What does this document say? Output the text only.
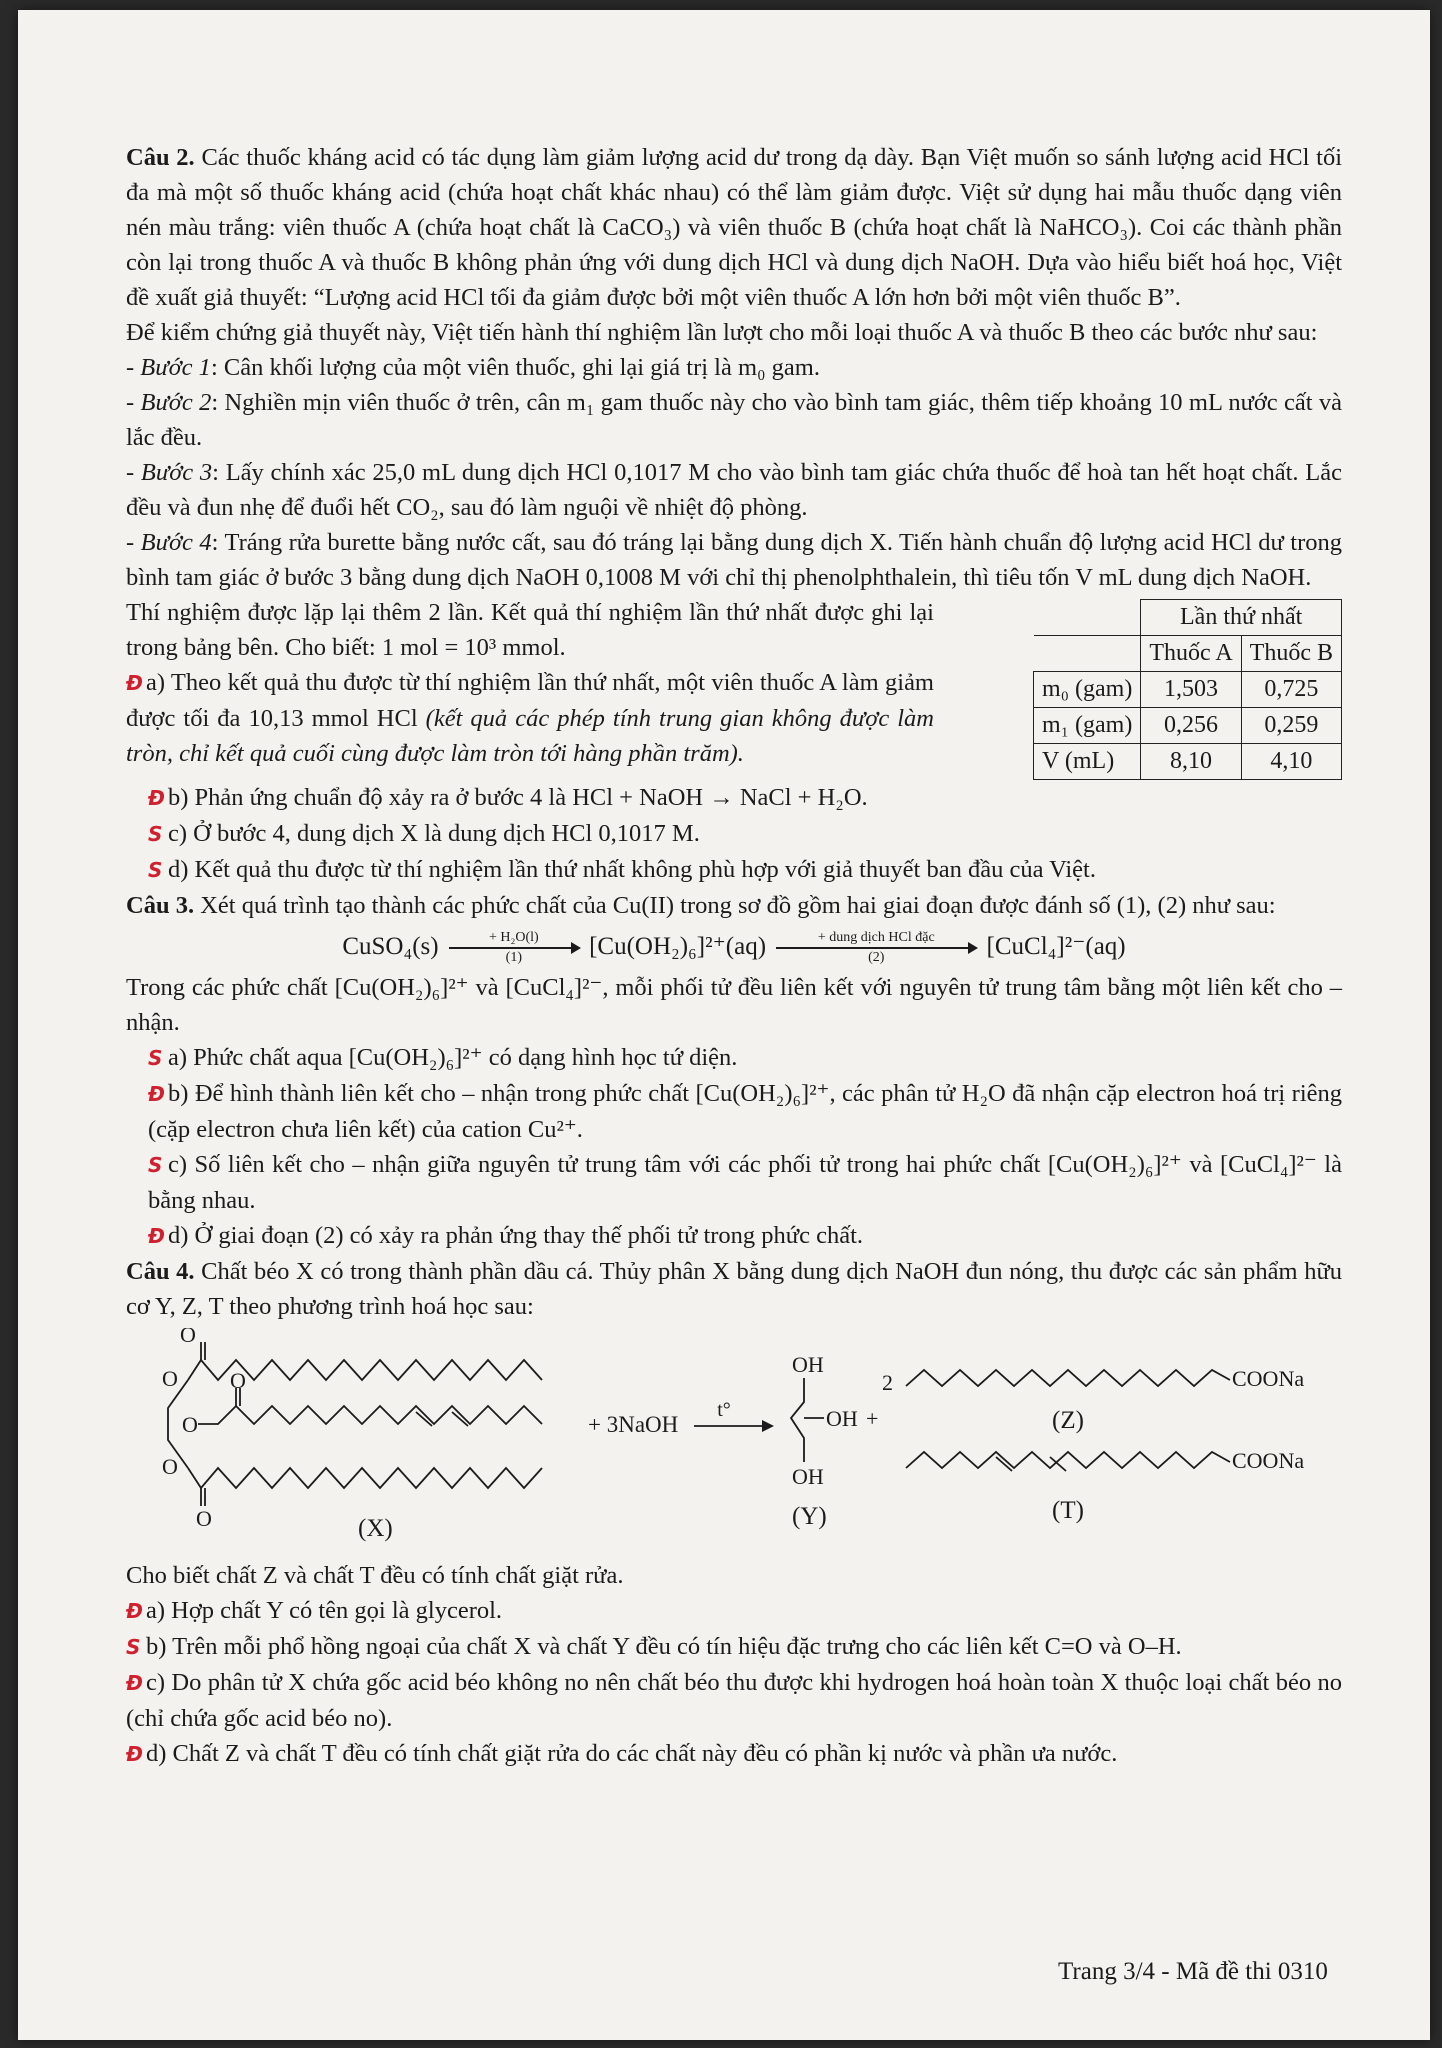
Câu 2. Các thuốc kháng acid có tác dụng làm giảm lượng acid dư trong dạ dày. Bạn Việt muốn so sánh lượng acid HCl tối đa mà một số thuốc kháng acid (chứa hoạt chất khác nhau) có thể làm giảm được. Việt sử dụng hai mẫu thuốc dạng viên nén màu trắng: viên thuốc A (chứa hoạt chất là CaCO₃) và viên thuốc B (chứa hoạt chất là NaHCO₃). Coi các thành phần còn lại trong thuốc A và thuốc B không phản ứng với dung dịch HCl và dung dịch NaOH. Dựa vào hiểu biết hoá học, Việt đề xuất giả thuyết: “Lượng acid HCl tối đa giảm được bởi một viên thuốc A lớn hơn bởi một viên thuốc B”.

Để kiểm chứng giả thuyết này, Việt tiến hành thí nghiệm lần lượt cho mỗi loại thuốc A và thuốc B theo các bước như sau:

- Bước 1: Cân khối lượng của một viên thuốc, ghi lại giá trị là m₀ gam.

- Bước 2: Nghiền mịn viên thuốc ở trên, cân m₁ gam thuốc này cho vào bình tam giác, thêm tiếp khoảng 10 mL nước cất và lắc đều.

- Bước 3: Lấy chính xác 25,0 mL dung dịch HCl 0,1017 M cho vào bình tam giác chứa thuốc để hoà tan hết hoạt chất. Lắc đều và đun nhẹ để đuổi hết CO₂, sau đó làm nguội về nhiệt độ phòng.

- Bước 4: Tráng rửa burette bằng nước cất, sau đó tráng lại bằng dung dịch X. Tiến hành chuẩn độ lượng acid HCl dư trong bình tam giác ở bước 3 bằng dung dịch NaOH 0,1008 M với chỉ thị phenolphthalein, thì tiêu tốn V mL dung dịch NaOH.

Thí nghiệm được lặp lại thêm 2 lần. Kết quả thí nghiệm lần thứ nhất được ghi lại trong bảng bên. Cho biết: 1 mol = 10³ mmol.

Đ a) Theo kết quả thu được từ thí nghiệm lần thứ nhất, một viên thuốc A làm giảm được tối đa 10,13 mmol HCl (kết quả các phép tính trung gian không được làm tròn, chỉ kết quả cuối cùng được làm tròn tới hàng phần trăm).

	Lần thứ nhất	
	Thuốc A	Thuốc B
m₀ (gam)	1,503	0,725
m₁ (gam)	0,256	0,259
V (mL)	8,10	4,10

Đ b) Phản ứng chuẩn độ xảy ra ở bước 4 là HCl + NaOH → NaCl + H₂O.

S c) Ở bước 4, dung dịch X là dung dịch HCl 0,1017 M.

S d) Kết quả thu được từ thí nghiệm lần thứ nhất không phù hợp với giả thuyết ban đầu của Việt.

Câu 3. Xét quá trình tạo thành các phức chất của Cu(II) trong sơ đồ gồm hai giai đoạn được đánh số (1), (2) như sau:

CuSO₄(s) $\frac{\text{+ H₂O(l)}}{(1)} [Cu(OH_2)_6]^{2+}(aq)$	+ dung dịch HCl đặc
(2)	[CuCl₄]²⁻(aq)

Trong các phức chất [Cu(OH₂)₆]²⁺ và [CuCl₄]²⁻, mỗi phối tử đều liên kết với nguyên tử trung tâm bằng một liên kết cho – nhận.

S a) Phức chất aqua [Cu(OH₂)₆]²⁺ có dạng hình học tứ diện.

Đ b) Để hình thành liên kết cho – nhận trong phức chất [Cu(OH₂)₆]²⁺, các phân tử H₂O đã nhận cặp electron hoá trị riêng (cặp electron chưa liên kết) của cation Cu²⁺.

S c) Số liên kết cho – nhận giữa nguyên tử trung tâm với các phối tử trong hai phức chất [Cu(OH₂)₆]²⁺ và [CuCl₄]²⁻ là bằng nhau.

Đ d) Ở giai đoạn (2) có xảy ra phản ứng thay thế phối tử trong phức chất.

Câu 4. Chất béo X có trong thành phần dầu cá. Thủy phân X bằng dung dịch NaOH đun nóng, thu được các sản phẩm hữu cơ Y, Z, T theo phương trình hoá học sau:

O
O
O
O
O
O	(X)
+ 3NaOH
t°
OH
OH
OH
+
(Y)
2	COONa
(Z)
COONa
(T)

Cho biết chất Z và chất T đều có tính chất giặt rửa.

Đ a) Hợp chất Y có tên gọi là glycerol.

S b) Trên mỗi phổ hồng ngoại của chất X và chất Y đều có tín hiệu đặc trưng cho các liên kết C=O và O–H.

Đ c) Do phân tử X chứa gốc acid béo không no nên chất béo thu được khi hydrogen hoá hoàn toàn X thuộc loại chất béo no (chỉ chứa gốc acid béo no).

Đ d) Chất Z và chất T đều có tính chất giặt rửa do các chất này đều có phần kị nước và phần ưa nước.

Trang 3/4 - Mã đề thi 0310
